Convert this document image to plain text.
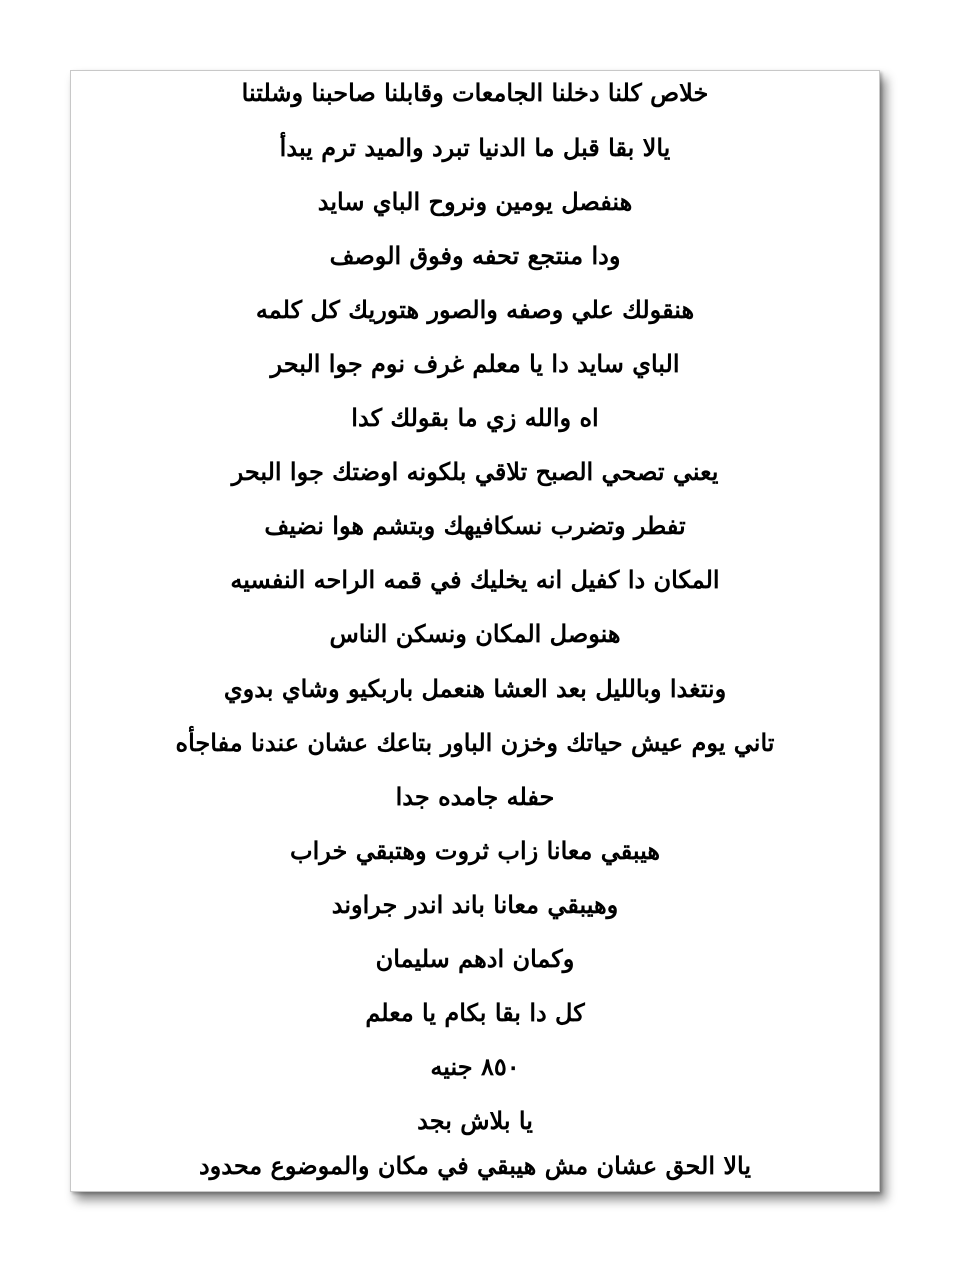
خلاص كلنا دخلنا الجامعات وقابلنا صاحبنا وشلتنا
يالا بقا قبل ما الدنيا تبرد والميد ترم يبدأ
هنفصل يومين ونروح الباي سايد
ودا منتجع تحفه وفوق الوصف
هنقولك علي وصفه والصور هتوريك كل كلمه
الباي سايد دا يا معلم غرف نوم جوا البحر
اه والله زي ما بقولك كدا
يعني تصحي الصبح تلاقي بلكونه اوضتك جوا البحر
تفطر وتضرب نسكافيهك وبتشم هوا نضيف
المكان دا كفيل انه يخليك في قمه الراحه النفسيه
هنوصل المكان ونسكن الناس
ونتغدا وبالليل بعد العشا هنعمل باربكيو وشاي بدوي
تاني يوم عيش حياتك وخزن الباور بتاعك عشان عندنا مفاجأه
حفله جامده جدا
هيبقي معانا زاب ثروت وهتبقي خراب
وهيبقي معانا باند اندر جراوند
وكمان ادهم سليمان
كل دا بقا بكام يا معلم
٨٥٠ جنيه
يا بلاش بجد
يالا الحق عشان مش هيبقي في مكان والموضوع محدود
